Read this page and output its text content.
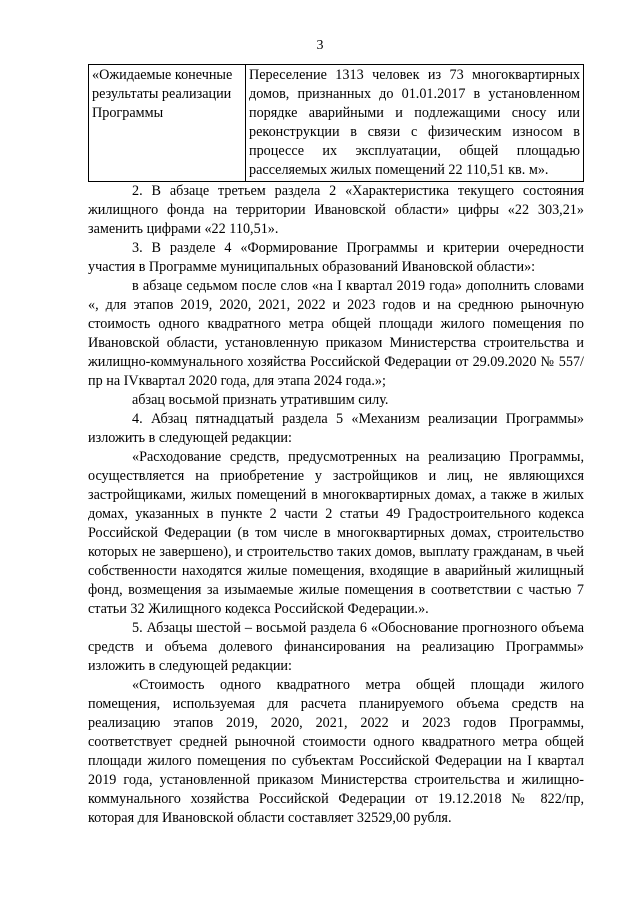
3
«Ожидаемые конечные результаты реализации Программы	Переселение 1313 человек из 73 многоквартирных домов, признанных до 01.01.2017 в установленном порядке аварийными и подлежащими сносу или реконструкции в связи с физическим износом в процессе их эксплуатации, общей площадью расселяемых жилых помещений 22 110,51 кв. м».

2. В абзаце третьем раздела 2 «Характеристика текущего состояния жилищного фонда на территории Ивановской области» цифры «22 303,21» заменить цифрами «22 110,51».

3. В разделе 4 «Формирование Программы и критерии очередности участия в Программе муниципальных образований Ивановской области»:

в абзаце седьмом после слов «на I квартал 2019 года» дополнить словами «, для этапов 2019, 2020, 2021, 2022 и 2023 годов и на среднюю рыночную стоимость одного квадратного метра общей площади жилого помещения по Ивановской области, установленную приказом Министерства строительства и жилищно-коммунального хозяйства Российской Федерации от 29.09.2020 № 557/пр на IVквартал 2020 года, для этапа 2024 года.»;

абзац восьмой признать утратившим силу.

4. Абзац пятнадцатый раздела 5 «Механизм реализации Программы» изложить в следующей редакции:

«Расходование средств, предусмотренных на реализацию Программы, осуществляется на приобретение у застройщиков и лиц, не являющихся застройщиками, жилых помещений в многоквартирных домах, а также в жилых домах, указанных в пункте 2 части 2 статьи 49 Градостроительного кодекса Российской Федерации (в том числе в многоквартирных домах, строительство которых не завершено), и строительство таких домов, выплату гражданам, в чьей собственности находятся жилые помещения, входящие в аварийный жилищный фонд, возмещения за изымаемые жилые помещения в соответствии с частью 7 статьи 32 Жилищного кодекса Российской Федерации.».

5. Абзацы шестой – восьмой раздела 6 «Обоснование прогнозного объема средств и объема долевого финансирования на реализацию Программы» изложить в следующей редакции:

«Стоимость одного квадратного метра общей площади жилого помещения, используемая для расчета планируемого объема средств на реализацию этапов 2019, 2020, 2021, 2022 и 2023 годов Программы, соответствует средней рыночной стоимости одного квадратного метра общей площади жилого помещения по субъектам Российской Федерации на I квартал 2019 года, установленной приказом Министерства строительства и жилищно-коммунального хозяйства Российской Федерации от 19.12.2018 № 822/пр, которая для Ивановской области составляет 32529,00 рубля.
